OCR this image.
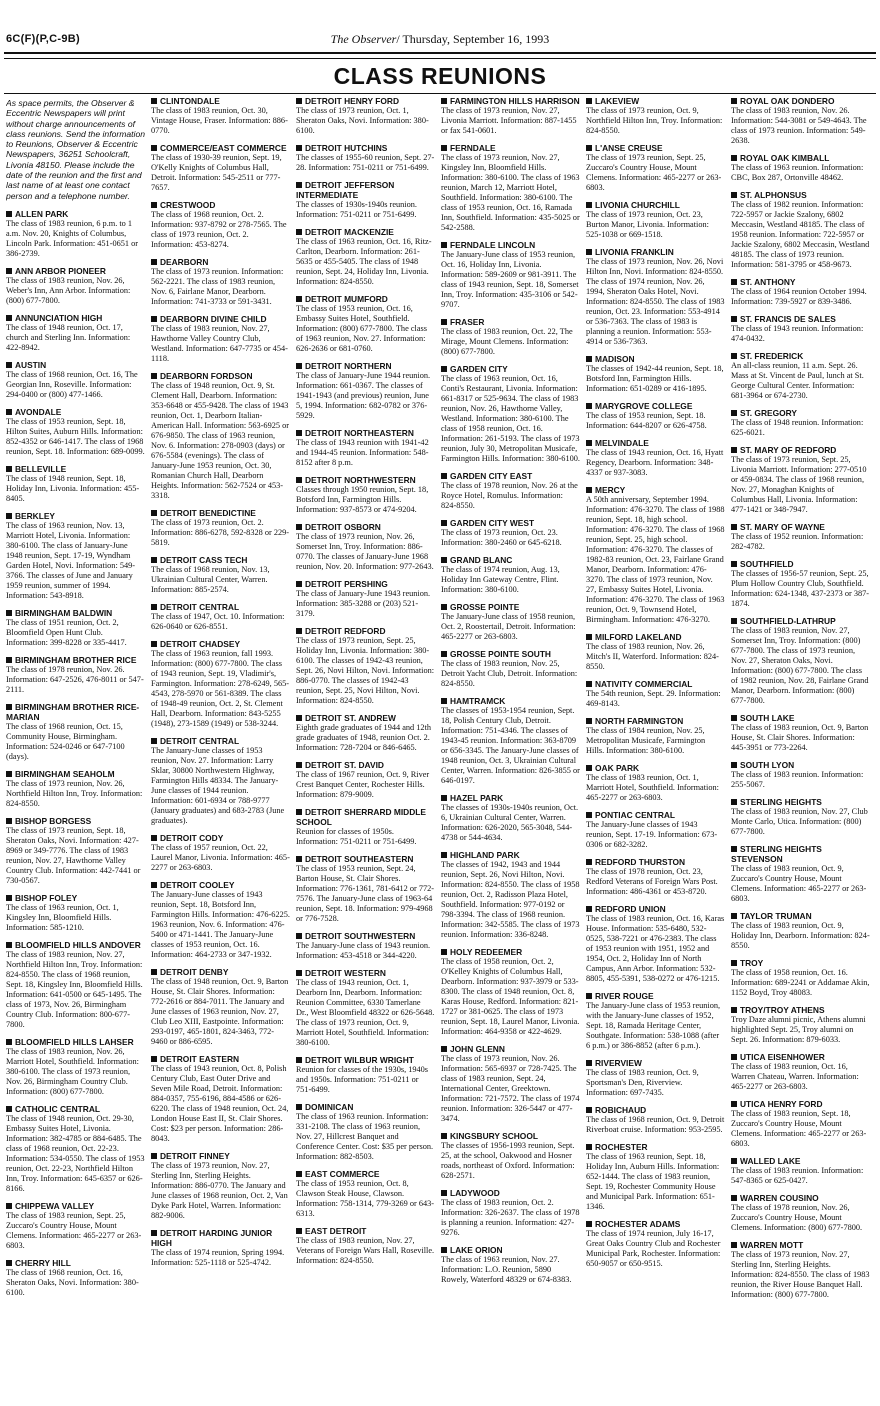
6C(F)(P,C-9B)	The Observer/ Thursday, September 16, 1993
CLASS REUNIONS
As space permits, the Observer & Eccentric Newspapers will print without charge announcements of class reunions. Send the information to Reunions, Observer & Eccentric Newspapers, 36251 Schoolcraft, Livonia 48150. Please include the date of the reunion and the first and last name of at least one contact person and a telephone number.
ALLEN PARK
The class of 1983 reunion, 6 p.m. to 1 a.m. Nov. 20, Knights of Columbus, Lincoln Park. Information: 451-0651 or 386-2739.
ANN ARBOR PIONEER
The class of 1983 reunion, Nov. 26, Weber's Inn, Ann Arbor. Information: (800) 677-7800.
ANNUNCIATION HIGH
The class of 1948 reunion, Oct. 17, church and Sterling Inn. Information: 422-8942.
AUSTIN
The class of 1968 reunion, Oct. 16, The Georgian Inn, Roseville. Information: 294-0400 or (800) 477-1466.
AVONDALE
The class of 1953 reunion, Sept. 18, Hilton Suites, Auburn Hills. Information: 852-4352 or 646-1417. The class of 1968 reunion, Sept. 18. Information: 689-0099.
BELLEVILLE
The class of 1948 reunion, Sept. 18, Holiday Inn, Livonia. Information: 455-8405.
BERKLEY
The class of 1963 reunion, Nov. 13, Marriott Hotel, Livonia. Information: 380-6100. The class of January-June 1948 reunion, Sept. 17-19, Wyndham Garden Hotel, Novi. Information: 549-3766. The classes of June and January 1959 reunion, summer of 1994. Information: 543-8918.
BIRMINGHAM BALDWIN
The class of 1951 reunion, Oct. 2, Bloomfield Open Hunt Club. Information: 399-8228 or 335-4417.
BIRMINGHAM BROTHER RICE
The class of 1978 reunion, Nov. 26. Information: 647-2526, 476-8011 or 547-2111.
BIRMINGHAM BROTHER RICE-MARIAN
The class of 1968 reunion, Oct. 15, Community House, Birmingham. Information: 524-0246 or 647-7100 (days).
BIRMINGHAM SEAHOLM
The class of 1973 reunion, Nov. 26, Northfield Hilton Inn, Troy. Information: 824-8550.
BISHOP BORGESS
The class of 1973 reunion, Sept. 18, Sheraton Oaks, Novi. Information: 427-8969 or 349-7776. The class of 1983 reunion, Nov. 27, Hawthorne Valley Country Club. Information: 442-7441 or 730-0567.
BISHOP FOLEY
The class of 1963 reunion, Oct. 1, Kingsley Inn, Bloomfield Hills. Information: 585-1210.
BLOOMFIELD HILLS ANDOVER
The class of 1983 reunion, Nov. 27, Northfield Hilton Inn, Troy. Information: 824-8550. The class of 1968 reunion, Sept. 18, Kingsley Inn, Bloomfield Hills. Information: 641-0500 or 645-1495. The class of 1973, Nov. 26, Birmingham Country Club. Information: 800-677-7800.
BLOOMFIELD HILLS LAHSER
The class of 1983 reunion, Nov. 26, Marriott Hotel, Southfield. Information: 380-6100. The class of 1973 reunion, Nov. 26, Birmingham Country Club. Information: (800) 677-7800.
CATHOLIC CENTRAL
The class of 1948 reunion, Oct. 29-30, Embassy Suites Hotel, Livonia. Information: 382-4785 or 884-6485. The class of 1968 reunion, Oct. 22-23. Information: 534-0550. The class of 1953 reunion, Oct. 22-23, Northfield Hilton Inn, Troy. Information: 645-6357 or 626-8166.
CHIPPEWA VALLEY
The class of 1983 reunion, Sept. 25, Zuccaro's Country House, Mount Clemens. Information: 465-2277 or 263-6803.
CHERRY HILL
The class of 1968 reunion, Oct. 16, Sheraton Oaks, Novi. Information: 380-6100.
CLINTONDALE
The class of 1983 reunion, Oct. 30, Vintage House, Fraser. Information: 886-0770.
COMMERCE/EAST COMMERCE
The class of 1930-39 reunion, Sept. 19, O'Kelly Knights of Columbus Hall, Detroit. Information: 545-2511 or 777-7657.
CRESTWOOD
The class of 1968 reunion, Oct. 2. Information: 937-8792 or 278-7565. The class of 1973 reunion, Oct. 2. Information: 453-8274.
DEARBORN
The class of 1973 reunion. Information: 562-2221. The class of 1983 reunion, Nov. 6, Fairlane Manor, Dearborn. Information: 741-3733 or 591-3431.
DEARBORN DIVINE CHILD
The class of 1983 reunion, Nov. 27, Hawthorne Valley Country Club, Westland. Information: 647-7735 or 454-1118.
DEARBORN FORDSON
The class of 1948 reunion, Oct. 9, St. Clement Hall, Dearborn. Information: 353-6648 or 455-9428. The class of 1943 reunion, Oct. 1, Dearborn Italian-American Hall. Information: 563-6925 or 676-9850. The class of 1963 reunion, Nov. 6. Information: 278-0903 (days) or 676-5584 (evenings). The class of January-June 1953 reunion, Oct. 30, Romanian Church Hall, Dearborn Heights. Information: 562-7524 or 453-3318.
DETROIT BENEDICTINE
The class of 1973 reunion, Oct. 2. Information: 886-6278, 592-8328 or 229-5819.
DETROIT CASS TECH
The class of 1968 reunion, Nov. 13, Ukrainian Cultural Center, Warren. Information: 885-2574.
DETROIT CENTRAL
The class of 1947, Oct. 10. Information: 626-0640 or 626-8551.
DETROIT CHADSEY
The class of 1963 reunion, fall 1993. Information: (800) 677-7800. The class of 1943 reunion, Sept. 19, Vladimir's, Farmington. Information: 278-6249, 565-4543, 278-5970 or 561-8389. The class of 1948-49 reunion, Oct. 2, St. Clement Hall, Dearborn. Information: 843-5255 (1948), 273-1589 (1949) or 538-3244.
DETROIT CENTRAL
The January-June classes of 1953 reunion, Nov. 27. Information: Larry Sklar, 30800 Northwestern Highway, Farmington Hills 48334. The January-June classes of 1944 reunion. Information: 601-6934 or 788-9777 (January graduates) and 683-2783 (June graduates).
DETROIT CODY
The class of 1957 reunion, Oct. 22, Laurel Manor, Livonia. Information: 465-2277 or 263-6803.
DETROIT COOLEY
The January-June classes of 1943 reunion, Sept. 18, Botsford Inn, Farmington Hills. Information: 476-6225. 1963 reunion, Nov. 6. Information: 476-5400 or 471-1441. The January-June classes of 1953 reunion, Oct. 16. Information: 464-2733 or 347-1932.
DETROIT DENBY
The class of 1948 reunion, Oct. 9, Barton House, St. Clair Shores. Information: 772-2616 or 884-7011. The January and June classes of 1963 reunion, Nov. 27, Club Leo XIII, Eastpointe. Information: 293-0197, 465-1801, 824-3463, 772-9460 or 886-6595.
DETROIT EASTERN
The class of 1943 reunion, Oct. 8, Polish Century Club, East Outer Drive and Seven Mile Road, Detroit. Information: 884-0357, 755-6196, 884-4586 or 626-6220. The class of 1948 reunion, Oct. 24, London House East II, St. Clair Shores. Cost: $23 per person. Information: 286-8043.
DETROIT FINNEY
The class of 1973 reunion, Nov. 27, Sterling Inn, Sterling Heights. Information: 886-0770. The January and June classes of 1968 reunion, Oct. 2, Van Dyke Park Hotel, Warren. Information: 882-9006.
DETROIT HARDING JUNIOR HIGH
The class of 1974 reunion, Spring 1994. Information: 525-1118 or 525-4742.
DETROIT HENRY FORD
The class of 1973 reunion, Oct. 1, Sheraton Oaks, Novi. Information: 380-6100.
DETROIT HUTCHINS
The classes of 1955-60 reunion, Sept. 27-28. Information: 751-0211 or 751-6499.
DETROIT JEFFERSON INTERMEDIATE
The classes of 1930s-1940s reunion. Information: 751-0211 or 751-6499.
DETROIT MACKENZIE
The class of 1963 reunion, Oct. 16, Ritz-Carlton, Dearborn. Information: 261-5635 or 455-5405. The class of 1948 reunion, Sept. 24, Holiday Inn, Livonia. Information: 824-8550.
DETROIT MUMFORD
The class of 1953 reunion, Oct. 16, Embassy Suites Hotel, Southfield. Information: (800) 677-7800. The class of 1963 reunion, Nov. 27. Information: 626-2636 or 681-0760.
DETROIT NORTHERN
The class of January-June 1944 reunion. Information: 661-0367. The classes of 1941-1943 (and previous) reunion, June 5, 1994. Information: 682-0782 or 376-5929.
DETROIT NORTHEASTERN
The class of 1943 reunion with 1941-42 and 1944-45 reunion. Information: 548-8152 after 8 p.m.
DETROIT NORTHWESTERN
Classes through 1950 reunion, Sept. 18, Botsford Inn, Farmington Hills. Information: 937-8573 or 474-9204.
DETROIT OSBORN
The class of 1973 reunion, Nov. 26, Somerset Inn, Troy. Information: 886-0770. The classes of January-June 1968 reunion, Nov. 20. Information: 977-2643.
DETROIT PERSHING
The class of January-June 1943 reunion. Information: 385-3288 or (203) 521-3179.
DETROIT REDFORD
The class of 1973 reunion, Sept. 25, Holiday Inn, Livonia. Information: 380-6100. The classes of 1942-43 reunion, Sept. 26, Novi Hilton, Novi. Information: 886-0770. The classes of 1942-43 reunion, Sept. 25, Novi Hilton, Novi. Information: 824-8550.
DETROIT ST. ANDREW
Eighth grade graduates of 1944 and 12th grade graduates of 1948, reunion Oct. 2. Information: 728-7204 or 846-6465.
DETROIT ST. DAVID
The class of 1967 reunion, Oct. 9, River Crest Banquet Center, Rochester Hills. Information: 879-9009.
DETROIT SHERRARD MIDDLE SCHOOL
Reunion for classes of 1950s. Information: 751-0211 or 751-6499.
DETROIT SOUTHEASTERN
The class of 1953 reunion, Sept. 24, Barton House, St. Clair Shores. Information: 776-1361, 781-6412 or 772-7576. The January-June class of 1963-64 reunion, Sept. 18. Information: 979-4968 or 776-7528.
DETROIT SOUTHWESTERN
The January-June class of 1943 reunion. Information: 453-4518 or 344-4220.
DETROIT WESTERN
The class of 1943 reunion, Oct. 1, Dearborn Inn, Dearborn. Information: Reunion Committee, 6330 Tamerlane Dr., West Bloomfield 48322 or 626-5648. The class of 1973 reunion, Oct. 9, Marriott Hotel, Southfield. Information: 380-6100.
DETROIT WILBUR WRIGHT
Reunion for classes of the 1930s, 1940s and 1950s. Information: 751-0211 or 751-6499.
DOMINICAN
The class of 1963 reunion. Information: 331-2108. The class of 1963 reunion, Nov. 27, Hillcrest Banquet and Conference Center. Cost: $35 per person. Information: 882-8503.
EAST COMMERCE
The class of 1953 reunion, Oct. 8, Clawson Steak House, Clawson. Information: 758-1314, 779-3269 or 643-6313.
EAST DETROIT
The class of 1983 reunion, Nov. 27, Veterans of Foreign Wars Hall, Roseville. Information: 824-8550.
FARMINGTON HILLS HARRISON
The class of 1973 reunion, Nov. 27, Livonia Marriott. Information: 887-1455 or fax 541-0601.
FERNDALE
The class of 1973 reunion, Nov. 27, Kingsley Inn, Bloomfield Hills. Information: 380-6100. The class of 1963 reunion, March 12, Marriott Hotel, Southfield. Information: 380-6100. The class of 1953 reunion, Oct. 16, Ramada Inn, Southfield. Information: 435-5025 or 542-2588.
FERNDALE LINCOLN
The January-June class of 1953 reunion, Oct. 16, Holiday Inn, Livonia. Information: 589-2609 or 981-3911. The class of 1943 reunion, Sept. 18, Somerset Inn, Troy. Information: 435-3106 or 542-9707.
FRASER
The class of 1983 reunion, Oct. 22, The Mirage, Mount Clemens. Information: (800) 677-7800.
GARDEN CITY
The class of 1963 reunion, Oct. 16, Conti's Restaurant, Livonia. Information: 661-8317 or 525-9634. The class of 1983 reunion, Nov. 26, Hawthorne Valley, Westland. Information: 380-6100. The class of 1958 reunion, Oct. 16. Information: 261-5193. The class of 1973 reunion, July 30, Metropolitan Musicafe, Farmington Hills. Information: 380-6100.
GARDEN CITY EAST
The class of 1978 reunion, Nov. 26 at the Royce Hotel, Romulus. Information: 824-8550.
GARDEN CITY WEST
The class of 1973 reunion, Oct. 23. Information: 380-2460 or 645-6218.
GRAND BLANC
The class of 1974 reunion, Aug. 13, Holiday Inn Gateway Centre, Flint. Information: 380-6100.
GROSSE POINTE
The January-June class of 1958 reunion, Oct. 2, Roostertail, Detroit. Information: 465-2277 or 263-6803.
GROSSE POINTE SOUTH
The class of 1983 reunion, Nov. 25, Detroit Yacht Club, Detroit. Information: 824-8550.
HAMTRAMCK
The classes of 1953-1954 reunion, Sept. 18, Polish Century Club, Detroit. Information: 751-4346. The classes of 1943-45 reunion. Information: 363-8709 or 656-3345. The January-June classes of 1948 reunion, Oct. 3, Ukrainian Cultural Center, Warren. Information: 826-3855 or 646-0197.
HAZEL PARK
The classes of 1930s-1940s reunion, Oct. 6, Ukrainian Cultural Center, Warren. Information: 626-2020, 565-3048, 544-4738 or 544-4634.
HIGHLAND PARK
The classes of 1942, 1943 and 1944 reunion, Sept. 26, Novi Hilton, Novi. Information: 824-8550. The class of 1958 reunion, Oct. 2, Radisson Plaza Hotel, Southfield. Information: 977-0192 or 798-3394. The class of 1968 reunion. Information: 342-5585. The class of 1973 reunion. Information: 336-8248.
HOLY REDEEMER
The class of 1958 reunion, Oct. 2, O'Kelley Knights of Columbus Hall, Dearborn. Information: 937-3979 or 533-8300. The class of 1948 reunion, Oct. 8, Karas House, Redford. Information: 821-1727 or 381-0625. The class of 1973 reunion, Sept. 18, Laurel Manor, Livonia. Information: 464-9358 or 422-4629.
JOHN GLENN
The class of 1973 reunion, Nov. 26. Information: 565-6937 or 728-7425. The class of 1983 reunion, Sept. 24, International Center, Greektown. Information: 721-7572. The class of 1974 reunion. Information: 326-5447 or 477-3474.
KINGSBURY SCHOOL
The classes of 1956-1993 reunion, Sept. 25, at the school, Oakwood and Hosner roads, northeast of Oxford. Information: 628-2571.
LADYWOOD
The class of 1983 reunion, Oct. 2. Information: 326-2637. The class of 1978 is planning a reunion. Information: 427-9276.
LAKE ORION
The class of 1963 reunion, Nov. 27. Information: L.O. Reunion, 5890 Rowely, Waterford 48329 or 674-8383.
LAKEVIEW
The class of 1973 reunion, Oct. 9, Northfield Hilton Inn, Troy. Information: 824-8550.
L'ANSE CREUSE
The class of 1973 reunion, Sept. 25, Zuccaro's Country House, Mount Clemens. Information: 465-2277 or 263-6803.
LIVONIA CHURCHILL
The class of 1973 reunion, Oct. 23, Burton Manor, Livonia. Information: 525-1038 or 669-1518.
LIVONIA FRANKLIN
The class of 1973 reunion, Nov. 26, Novi Hilton Inn, Novi. Information: 824-8550. The class of 1974 reunion, Nov. 26, 1994, Sheraton Oaks Hotel, Novi. Information: 824-8550. The class of 1983 reunion, Oct. 23. Information: 553-4914 or 536-7363. The class of 1983 is planning a reunion. Information: 553-4914 or 536-7363.
MADISON
The classes of 1942-44 reunion, Sept. 18, Botsford Inn, Farmington Hills. Information: 651-0289 or 416-1895.
MARYGROVE COLLEGE
The class of 1953 reunion, Sept. 18. Information: 644-8207 or 626-4758.
MELVINDALE
The class of 1943 reunion, Oct. 16, Hyatt Regency, Dearborn. Information: 348-4337 or 937-3083.
MERCY
A 50th anniversary, September 1994. Information: 476-3270. The class of 1988 reunion, Sept. 18, high school. Information: 476-3270. The class of 1968 reunion, Sept. 25, high school. Information: 476-3270. The classes of 1982-83 reunion, Oct. 23, Fairlane Grand Manor, Dearborn. Information: 476-3270. The class of 1973 reunion, Nov. 27, Embassy Suites Hotel, Livonia. Information: 476-3270. The class of 1963 reunion, Oct. 9, Townsend Hotel, Birmingham. Information: 476-3270.
MILFORD LAKELAND
The class of 1983 reunion, Nov. 26, Mitch's II, Waterford. Information: 824-8550.
NATIVITY COMMERCIAL
The 54th reunion, Sept. 29. Information: 469-8143.
NORTH FARMINGTON
The class of 1984 reunion, Nov. 25, Metropolitan Musicafe, Farmington Hills. Information: 380-6100.
OAK PARK
The class of 1983 reunion, Oct. 1, Marriott Hotel, Southfield. Information: 465-2277 or 263-6803.
PONTIAC CENTRAL
The January-June classes of 1943 reunion, Sept. 17-19. Information: 673-0306 or 682-3282.
REDFORD THURSTON
The class of 1978 reunion, Oct. 23, Redford Veterans of Foreign Wars Post. Information: 486-4361 or 453-8720.
REDFORD UNION
The class of 1983 reunion, Oct. 16, Karas House. Information: 535-6480, 532-0525, 538-7221 or 476-2383. The class of 1953 reunion with 1951, 1952 and 1954, Oct. 2, Holiday Inn of North Campus, Ann Arbor. Information: 532-8805, 455-5391, 538-0272 or 476-1215.
RIVER ROUGE
The January-June class of 1953 reunion, with the January-June classes of 1952, Sept. 18, Ramada Heritage Center, Southgate. Information: 538-1088 (after 6 p.m.) or 386-8852 (after 6 p.m.).
RIVERVIEW
The class of 1983 reunion, Oct. 9, Sportsman's Den, Riverview. Information: 697-7435.
ROBICHAUD
The class of 1968 reunion, Oct. 9, Detroit Riverboat cruise. Information: 953-2595.
ROCHESTER
The class of 1963 reunion, Sept. 18, Holiday Inn, Auburn Hills. Information: 652-1444. The class of 1983 reunion, Sept. 19, Rochester Community House and Municipal Park. Information: 651-1346.
ROCHESTER ADAMS
The class of 1974 reunion, July 16-17, Great Oaks Country Club and Rochester Municipal Park, Rochester. Information: 650-9057 or 650-9515.
ROYAL OAK DONDERO
The class of 1983 reunion, Nov. 26. Information: 544-3081 or 549-4643. The class of 1973 reunion. Information: 549-2638.
ROYAL OAK KIMBALL
The class of 1963 reunion. Information: CBC, Box 287, Ortonville 48462.
ST. ALPHONSUS
The class of 1982 reunion. Information: 722-5957 or Jackie Szalony, 6802 Meccasin, Westland 48185. The class of 1958 reunion. Information: 722-5957 or Jackie Szalony, 6802 Meccasin, Westland 48185. The class of 1973 reunion. Information: 581-3795 or 458-9673.
ST. ANTHONY
The class of 1964 reunion October 1994. Information: 739-5927 or 839-3486.
ST. FRANCIS DE SALES
The class of 1943 reunion. Information: 474-0432.
ST. FREDERICK
An all-class reunion, 11 a.m. Sept. 26. Mass at St. Vincent de Paul, lunch at St. George Cultural Center. Information: 681-3964 or 674-2730.
ST. GREGORY
The class of 1948 reunion. Information: 625-6021.
ST. MARY OF REDFORD
The class of 1973 reunion, Sept. 25, Livonia Marriott. Information: 277-0510 or 459-0834. The class of 1968 reunion, Nov. 27, Monaghan Knights of Columbus Hall, Livonia. Information: 477-1421 or 348-7947.
ST. MARY OF WAYNE
The class of 1952 reunion. Information: 282-4782.
SOUTHFIELD
The classes of 1956-57 reunion, Sept. 25, Plum Hollow Country Club, Southfield. Information: 624-1348, 437-2373 or 387-1874.
SOUTHFIELD-LATHRUP
The class of 1983 reunion, Nov. 27, Somerset Inn, Troy. Information: (800) 677-7800. The class of 1973 reunion, Nov. 27, Sheraton Oaks, Novi. Information: (800) 677-7800. The class of 1982 reunion, Nov. 28, Fairlane Grand Manor, Dearborn. Information: (800) 677-7800.
SOUTH LAKE
The class of 1983 reunion, Oct. 9, Barton House, St. Clair Shores. Information: 445-3951 or 773-2264.
SOUTH LYON
The class of 1983 reunion. Information: 255-5067.
STERLING HEIGHTS
The class of 1983 reunion, Nov. 27, Club Monte Carlo, Utica. Information: (800) 677-7800.
STERLING HEIGHTS STEVENSON
The class of 1983 reunion, Oct. 9, Zuccaro's Country House, Mount Clemens. Information: 465-2277 or 263-6803.
TAYLOR TRUMAN
The class of 1983 reunion, Oct. 9, Holiday Inn, Dearborn. Information: 824-8550.
TROY
The class of 1958 reunion, Oct. 16. Information: 689-2241 or Addamae Akin, 1152 Boyd, Troy 48083.
TROY/TROY ATHENS
Troy Daze alumni picnic, Athens alumni highlighted Sept. 25, Troy alumni on Sept. 26. Information: 879-6033.
UTICA EISENHOWER
The class of 1983 reunion, Oct. 16, Warren Chateau, Warren. Information: 465-2277 or 263-6803.
UTICA HENRY FORD
The class of 1983 reunion, Sept. 18, Zuccaro's Country House, Mount Clemens. Information: 465-2277 or 263-6803.
WALLED LAKE
The class of 1983 reunion. Information: 547-8365 or 625-0427.
WARREN COUSINO
The class of 1978 reunion, Nov. 26, Zuccaro's Country House, Mount Clemens. Information: (800) 677-7800.
WARREN MOTT
The class of 1973 reunion, Nov. 27, Sterling Inn, Sterling Heights. Information: 824-8550. The class of 1983 reunion, the River House Banquet Hall. Information: (800) 677-7800.
